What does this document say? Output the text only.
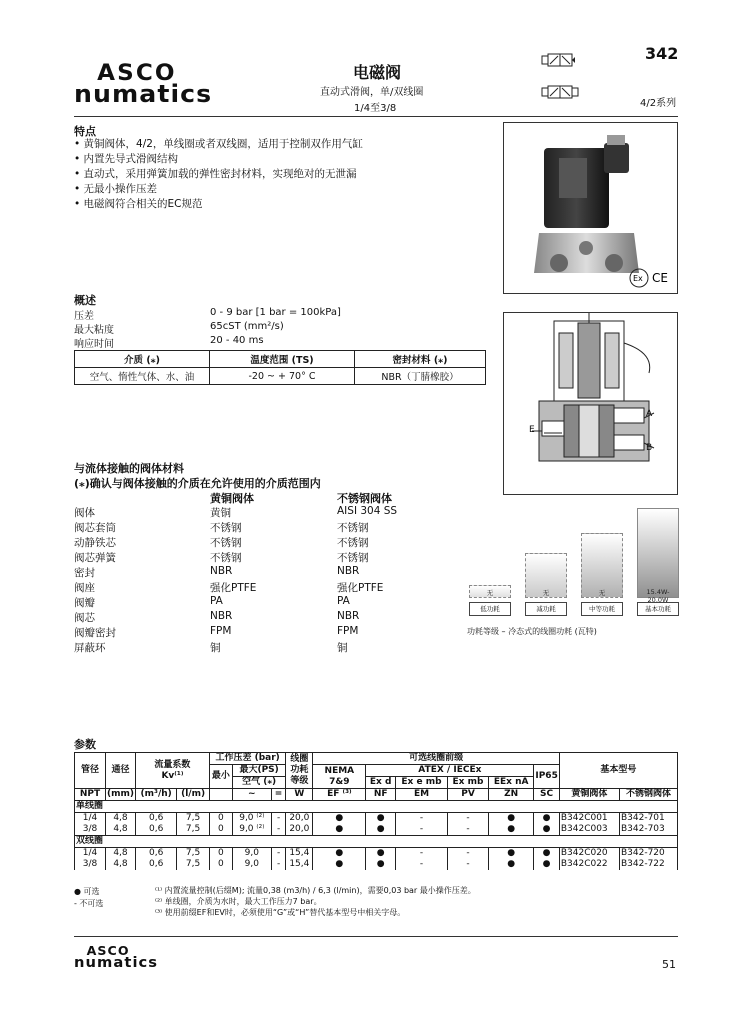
ASCO
numatics
电磁阀
直动式滑阀，单/双线圈
1/4至3/8
342
4/2系列
特点
• 黄铜阀体，4/2，单线圈或者双线圈，适用于控制双作用气缸
• 内置先导式滑阀结构
• 直动式，采用弹簧加载的弹性密封材料，实现绝对的无泄漏
• 无最小操作压差
• 电磁阀符合相关的EC规范
Ex CE
概述
压差	0 - 9 bar [1 bar = 100kPa]
最大粘度	65cST (mm²/s)
响应时间	20 - 40 ms
介质 (⁎)	温度范围 (TS)	密封材料 (⁎)
空气、惰性气体、水、油	-20 ~ + 70° C	NBR（丁腈橡胶）
A
B
E
与流体接触的阀体材料
(⁎)确认与阀体接触的介质在允许使用的介质范围内
黄铜阀体	不锈钢阀体
阀体	黄铜	AISI 304 SS
阀芯套筒	不锈钢	不锈钢
动静铁芯	不锈钢	不锈钢
阀芯弹簧	不锈钢	不锈钢
密封	NBR	NBR
阀座	强化PTFE	强化PTFE
阀瓣	PA	PA
阀芯	NBR	NBR
阀瓣密封	FPM	FPM
屏蔽环	铜	铜
无
低功耗
无
减功耗
无
中等功耗
15.4W-20.0W
基本功耗
功耗等级 – 冷态式的线圈功耗 (瓦特)
参数
管径	通径	流量系数
Kv⁽¹⁾		工作压差 (bar)			线圈
功耗
等级	可选线圈前缀						基本型号	
				最小	最大(PS)			NEMA
7&9	ATEX / IECEx				IP65		
					空气 (⁎)				Ex d	Ex e mb	Ex mb	EEx nA			
NPT	(mm)	(m³/h)	(l/m)		~	=	W	EF ⁽³⁾	NF	EM	PV	ZN	SC	黄铜阀体	不锈钢阀体
单线圈															
1/4	4,8	0,6	7,5	0	9,0 ⁽²⁾	-	20,0	●	●	-	-	●	●	B342C001	B342-701
3/8	4,8	0,6	7,5	0	9,0 ⁽²⁾	-	20,0	●	●	-	-	●	●	B342C003	B342-703
双线圈															
1/4	4,8	0,6	7,5	0	9,0	-	15,4	●	●	-	-	●	●	B342C020	B342-720
3/8	4,8	0,6	7,5	0	9,0	-	15,4	●	●	-	-	●	●	B342C022	B342-722
● 可选
- 不可选
⁽¹⁾ 内置流量控制(后缀M); 流量0,38 (m3/h) / 6,3 (l/min)，需要0,03 bar 最小操作压差。
⁽²⁾ 单线圈，介质为水时，最大工作压力7 bar。
⁽³⁾ 使用前缀EF和EV时，必须使用“G”或“H”替代基本型号中相关字母。
ASCO
numatics	51
